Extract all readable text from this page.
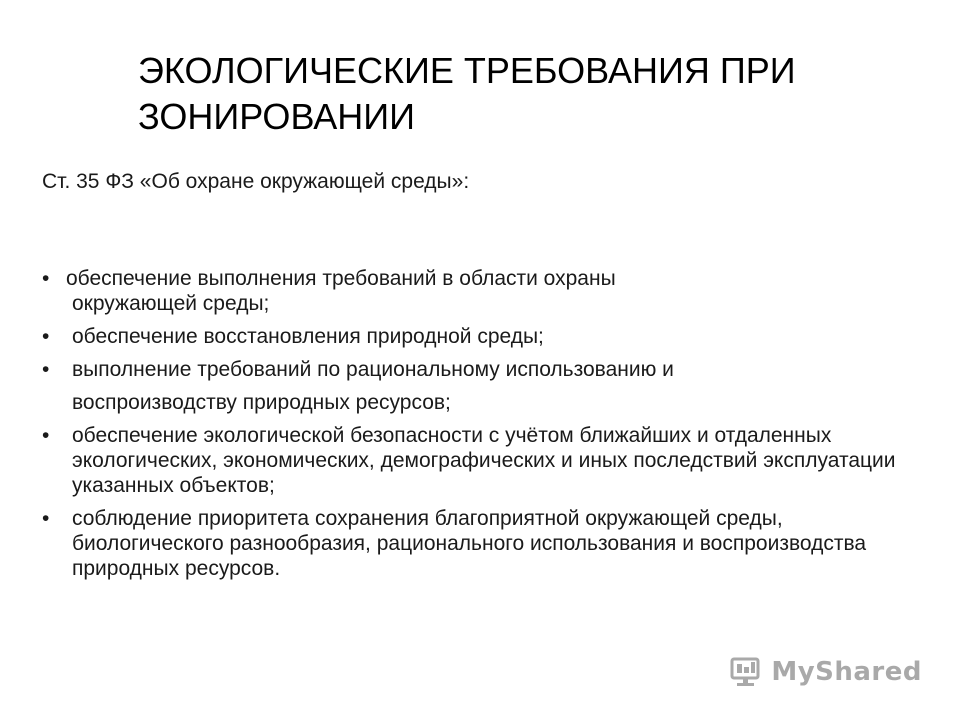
ЭКОЛОГИЧЕСКИЕ ТРЕБОВАНИЯ ПРИ ЗОНИРОВАНИИ

Ст. 35 ФЗ «Об охране окружающей среды»:

• обеспечение выполнения требований в области охраны
окружающей среды;
•	обеспечение восстановления природной среды;
•	выполнение требований по рациональному использованию и
воспроизводству природных ресурсов;
•	обеспечение экологической безопасности с учётом ближайших и отдаленных экологических, экономических, демографических и иных последствий эксплуатации указанных объектов;
•	соблюдение приоритета сохранения благоприятной окружающей среды, биологического разнообразия, рационального использования и воспроизводства природных ресурсов.
MyShared
